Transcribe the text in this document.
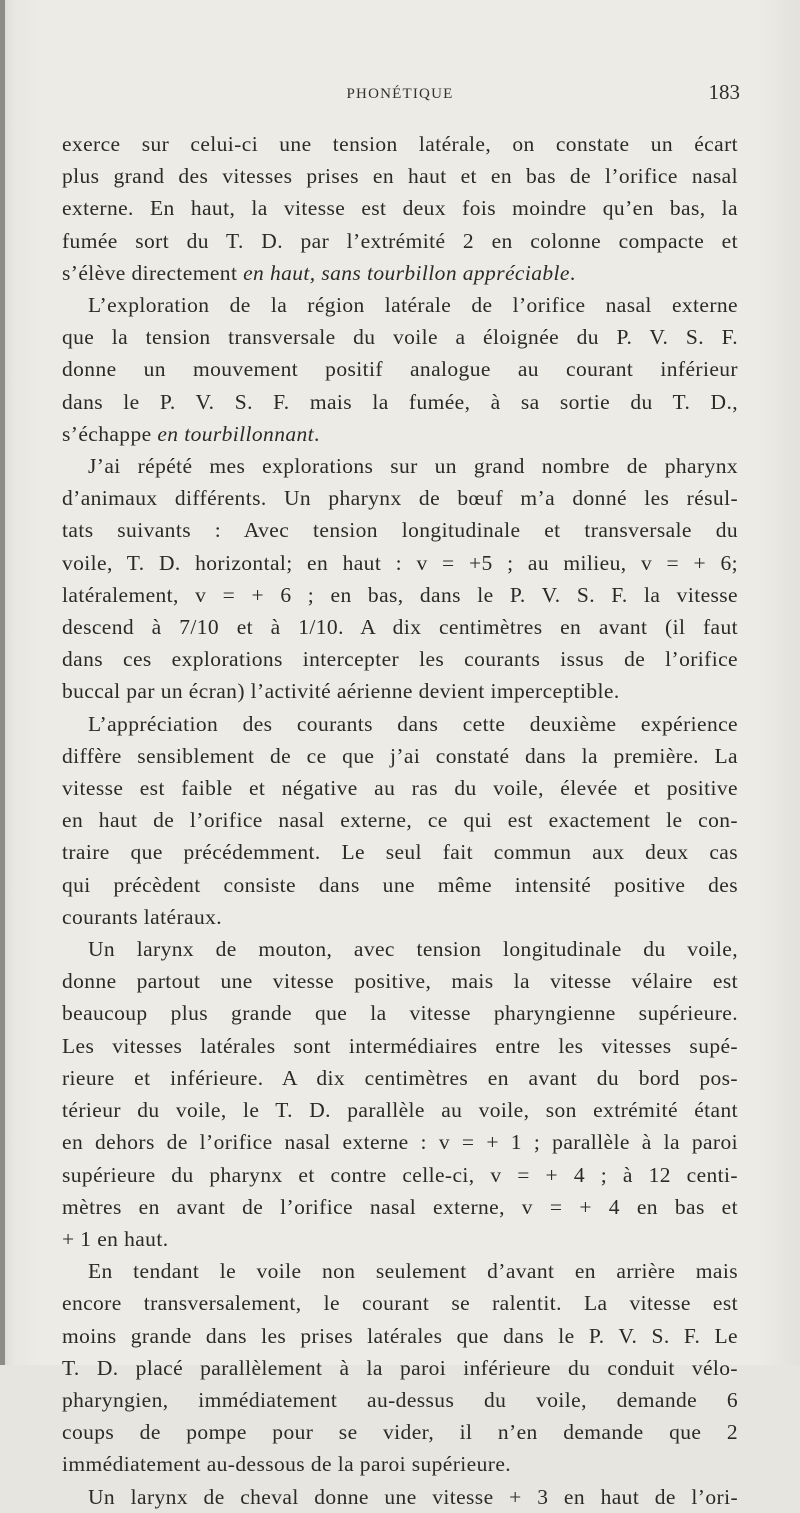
PHONÉTIQUE	183
exerce sur celui-ci une tension latérale, on constate un écart
plus grand des vitesses prises en haut et en bas de l’orifice nasal
externe. En haut, la vitesse est deux fois moindre qu’en bas, la
fumée sort du T. D. par l’extrémité 2 en colonne compacte et
s’élève directement en haut, sans tourbillon appréciable.
L’exploration de la région latérale de l’orifice nasal externe
que la tension transversale du voile a éloignée du P. V. S. F.
donne un mouvement positif analogue au courant inférieur
dans le P. V. S. F. mais la fumée, à sa sortie du T. D.,
s’échappe en tourbillonnant.
J’ai répété mes explorations sur un grand nombre de pharynx
d’animaux différents. Un pharynx de bœuf m’a donné les résul-
tats suivants : Avec tension longitudinale et transversale du
voile, T. D. horizontal; en haut : v = +5 ; au milieu, v = + 6;
latéralement, v = + 6 ; en bas, dans le P. V. S. F. la vitesse
descend à 7/10 et à 1/10. A dix centimètres en avant (il faut
dans ces explorations intercepter les courants issus de l’orifice
buccal par un écran) l’activité aérienne devient imperceptible.
L’appréciation des courants dans cette deuxième expérience
diffère sensiblement de ce que j’ai constaté dans la première. La
vitesse est faible et négative au ras du voile, élevée et positive
en haut de l’orifice nasal externe, ce qui est exactement le con-
traire que précédemment. Le seul fait commun aux deux cas
qui précèdent consiste dans une même intensité positive des
courants latéraux.
Un larynx de mouton, avec tension longitudinale du voile,
donne partout une vitesse positive, mais la vitesse vélaire est
beaucoup plus grande que la vitesse pharyngienne supérieure.
Les vitesses latérales sont intermédiaires entre les vitesses supé-
rieure et inférieure. A dix centimètres en avant du bord pos-
térieur du voile, le T. D. parallèle au voile, son extrémité étant
en dehors de l’orifice nasal externe : v = + 1 ; parallèle à la paroi
supérieure du pharynx et contre celle-ci, v = + 4 ; à 12 centi-
mètres en avant de l’orifice nasal externe, v = + 4 en bas et
+ 1 en haut.
En tendant le voile non seulement d’avant en arrière mais
encore transversalement, le courant se ralentit. La vitesse est
moins grande dans les prises latérales que dans le P. V. S. F. Le
T. D. placé parallèlement à la paroi inférieure du conduit vélo-
pharyngien, immédiatement au-dessus du voile, demande 6
coups de pompe pour se vider, il n’en demande que 2
immédiatement au-dessous de la paroi supérieure.
Un larynx de cheval donne une vitesse + 3 en haut de l’ori-
